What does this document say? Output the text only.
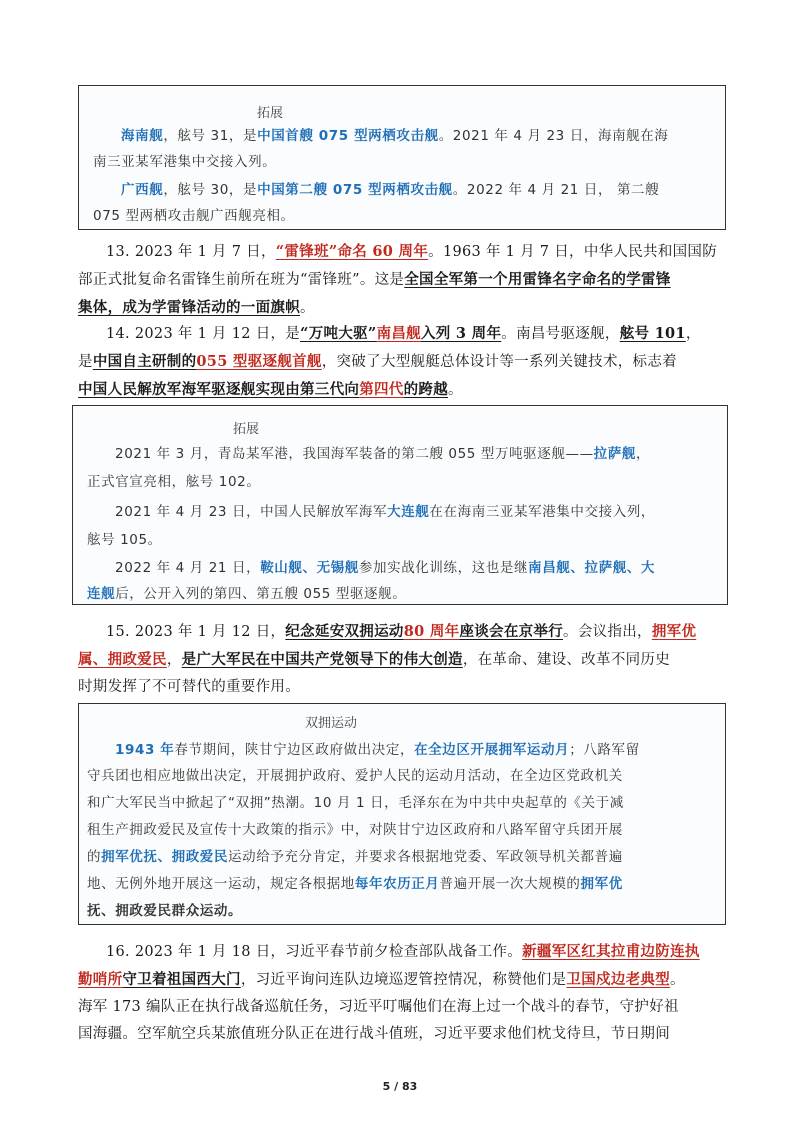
拓展
海南舰，舷号 31，是中国首艘 075 型两栖攻击舰。2021 年 4 月 23 日，海南舰在海
南三亚某军港集中交接入列。
广西舰，舷号 30，是中国第二艘 075 型两栖攻击舰。2022 年 4 月 21 日， 第二艘
075 型两栖攻击舰广西舰亮相。
13. 2023 年 1 月 7 日，“雷锋班”命名 60 周年。1963 年 1 月 7 日，中华人民共和国国防
部正式批复命名雷锋生前所在班为“雷锋班”。这是全国全军第一个用雷锋名字命名的学雷锋
集体，成为学雷锋活动的一面旗帜。
14. 2023 年 1 月 12 日，是“万吨大驱”南昌舰入列 3 周年。南昌号驱逐舰，舷号 101，
是中国自主研制的055 型驱逐舰首舰，突破了大型舰艇总体设计等一系列关键技术，标志着
中国人民解放军海军驱逐舰实现由第三代向第四代的跨越。
拓展
2021 年 3 月，青岛某军港，我国海军装备的第二艘 055 型万吨驱逐舰——拉萨舰，
正式官宣亮相，舷号 102。
2021 年 4 月 23 日，中国人民解放军海军大连舰在在海南三亚某军港集中交接入列，
舷号 105。
2022 年 4 月 21 日，鞍山舰、无锡舰参加实战化训练，这也是继南昌舰、拉萨舰、大
连舰后，公开入列的第四、第五艘 055 型驱逐舰。
15. 2023 年 1 月 12 日，纪念延安双拥运动80 周年座谈会在京举行。会议指出，拥军优
属、拥政爱民，是广大军民在中国共产党领导下的伟大创造，在革命、建设、改革不同历史
时期发挥了不可替代的重要作用。
双拥运动
1943 年春节期间，陕甘宁边区政府做出决定，在全边区开展拥军运动月；八路军留
守兵团也相应地做出决定，开展拥护政府、爱护人民的运动月活动，在全边区党政机关
和广大军民当中掀起了“双拥”热潮。10 月 1 日，毛泽东在为中共中央起草的《关于减
租生产拥政爱民及宣传十大政策的指示》中，对陕甘宁边区政府和八路军留守兵团开展
的拥军优抚、拥政爱民运动给予充分肯定，并要求各根据地党委、军政领导机关都普遍
地、无例外地开展这一运动，规定各根据地每年农历正月普遍开展一次大规模的拥军优
抚、拥政爱民群众运动。
16. 2023 年 1 月 18 日，习近平春节前夕检查部队战备工作。新疆军区红其拉甫边防连执
勤哨所守卫着祖国西大门，习近平询问连队边境巡逻管控情况，称赞他们是卫国戍边老典型。
海军 173 编队正在执行战备巡航任务，习近平叮嘱他们在海上过一个战斗的春节，守护好祖
国海疆。空军航空兵某旅值班分队正在进行战斗值班，习近平要求他们枕戈待旦，节日期间
5 / 83
